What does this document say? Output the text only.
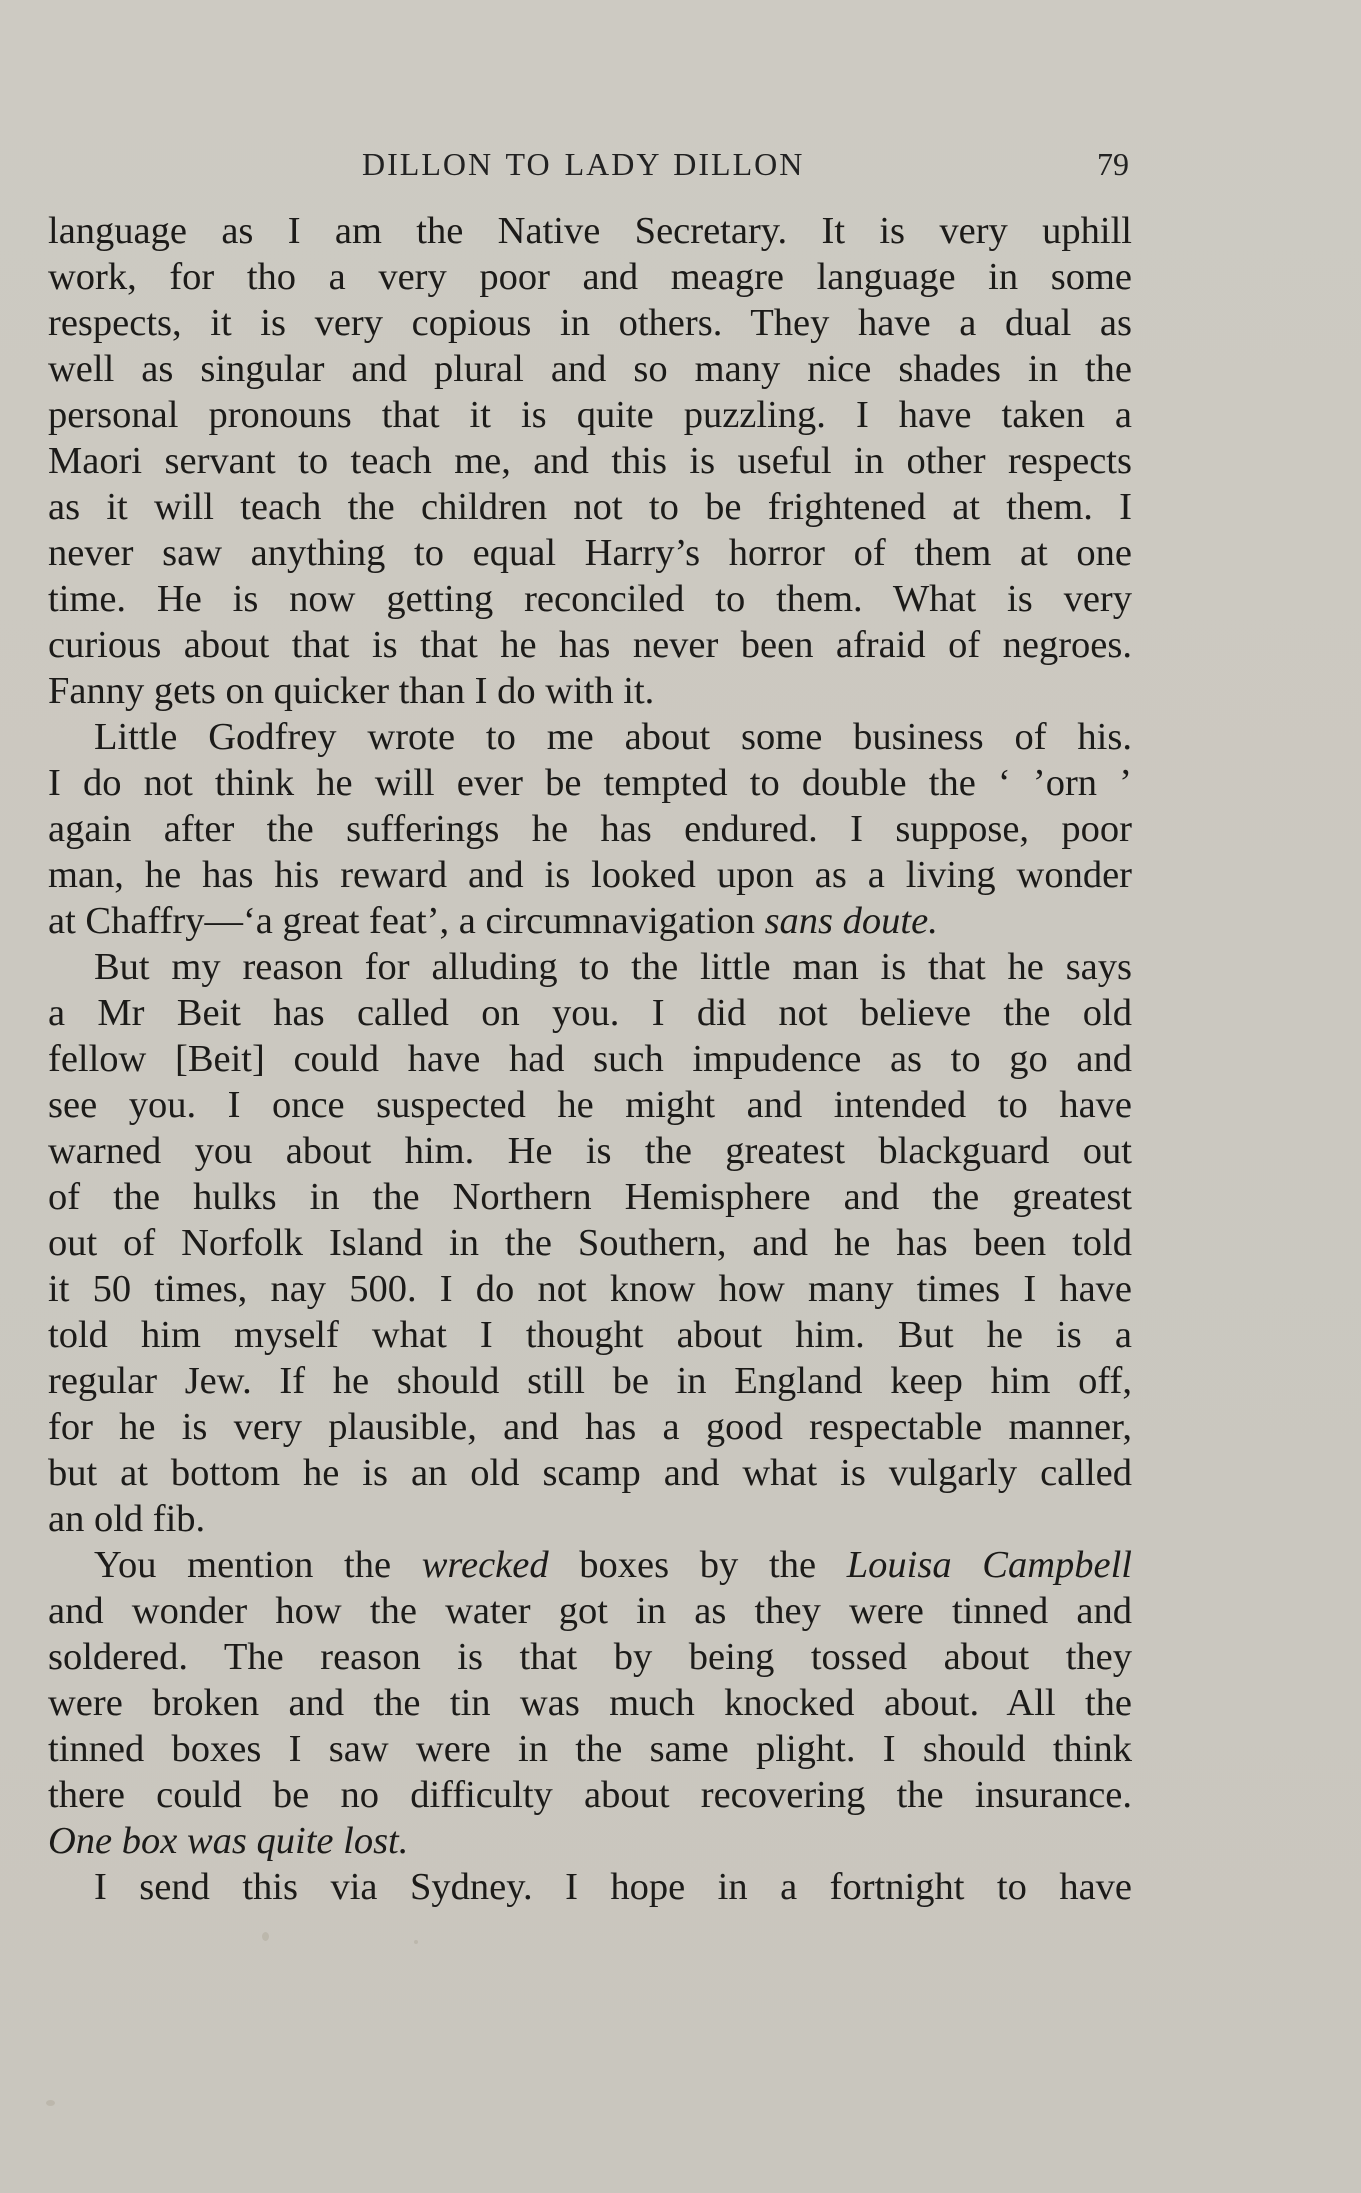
DILLON TO LADY DILLON	79
language as I am the Native Secretary. It is very uphill
work, for tho a very poor and meagre language in some
respects, it is very copious in others. They have a dual as
well as singular and plural and so many nice shades in the
personal pronouns that it is quite puzzling. I have taken a
Maori servant to teach me, and this is useful in other respects
as it will teach the children not to be frightened at them. I
never saw anything to equal Harry’s horror of them at one
time. He is now getting reconciled to them. What is very
curious about that is that he has never been afraid of negroes.
Fanny gets on quicker than I do with it.
Little Godfrey wrote to me about some business of his.
I do not think he will ever be tempted to double the ‘ ’orn ’
again after the sufferings he has endured. I suppose, poor
man, he has his reward and is looked upon as a living wonder
at Chaffry—‘a great feat’, a circumnavigation sans doute.
But my reason for alluding to the little man is that he says
a Mr Beit has called on you. I did not believe the old
fellow [Beit] could have had such impudence as to go and
see you. I once suspected he might and intended to have
warned you about him. He is the greatest blackguard out
of the hulks in the Northern Hemisphere and the greatest
out of Norfolk Island in the Southern, and he has been told
it 50 times, nay 500. I do not know how many times I have
told him myself what I thought about him. But he is a
regular Jew. If he should still be in England keep him off,
for he is very plausible, and has a good respectable manner,
but at bottom he is an old scamp and what is vulgarly called
an old fib.
You mention the wrecked boxes by the Louisa Campbell
and wonder how the water got in as they were tinned and
soldered. The reason is that by being tossed about they
were broken and the tin was much knocked about. All the
tinned boxes I saw were in the same plight. I should think
there could be no difficulty about recovering the insurance.
One box was quite lost.
I send this via Sydney. I hope in a fortnight to have
